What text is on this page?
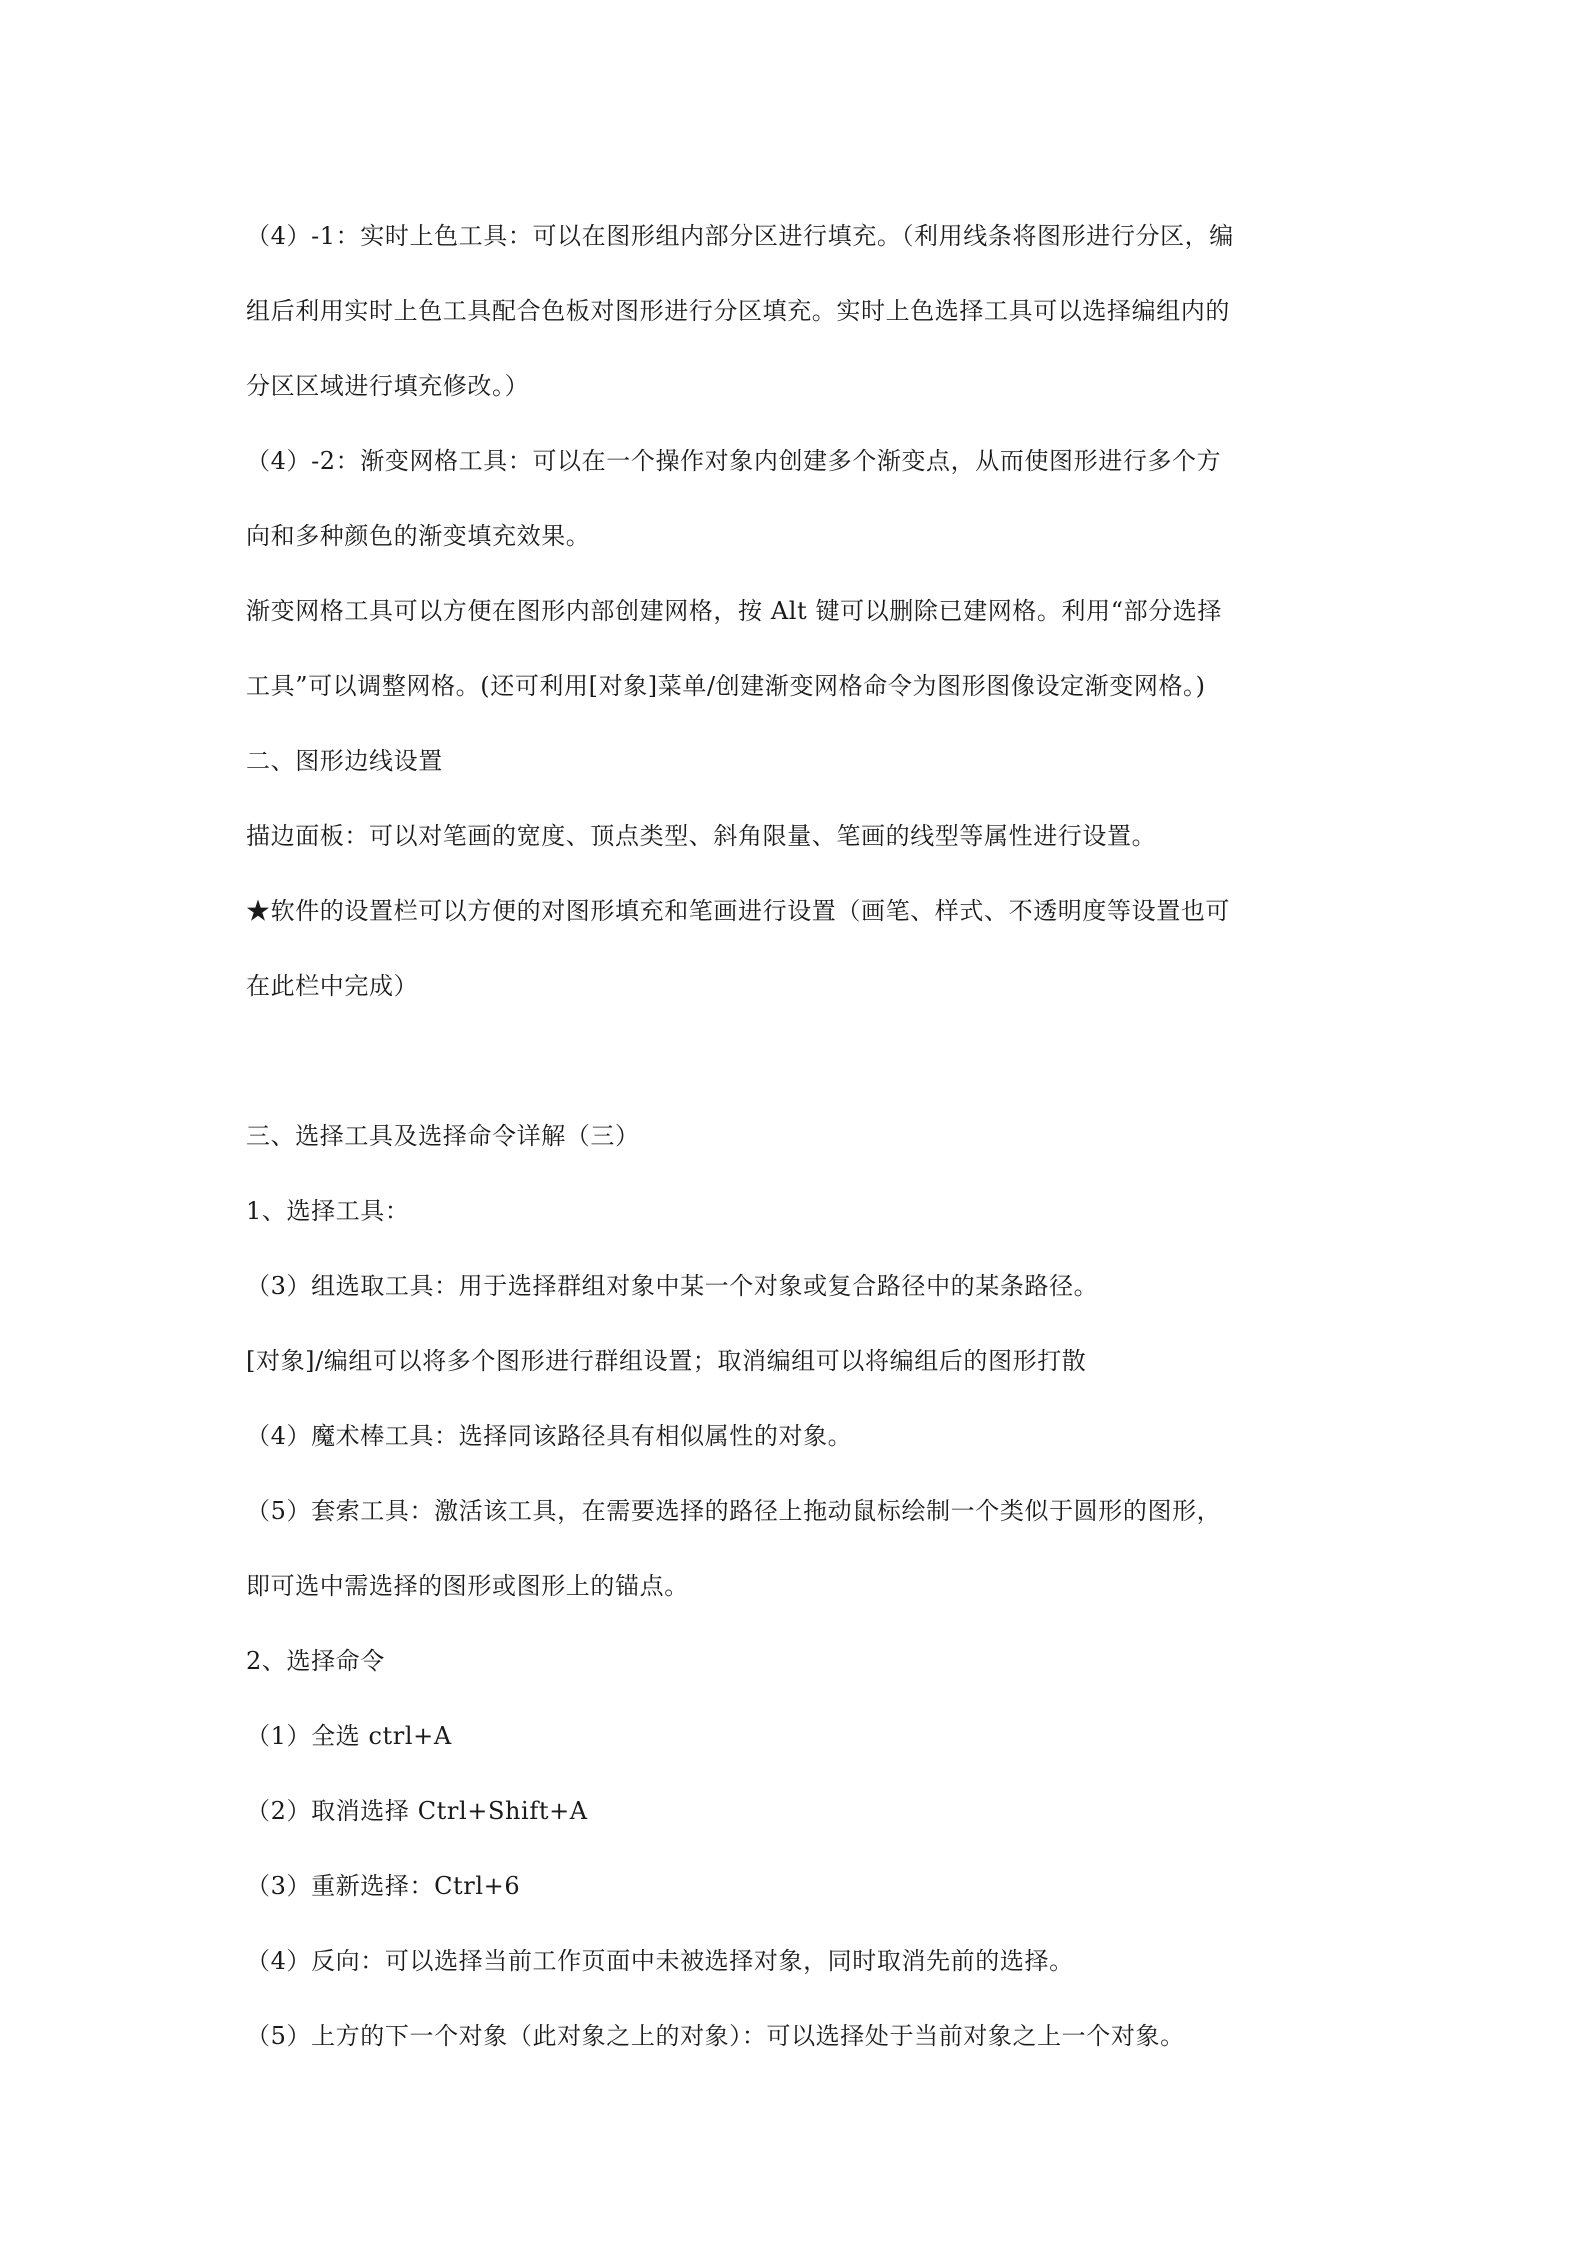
（4）-1：实时上色工具：可以在图形组内部分区进行填充。（利用线条将图形进行分区，编
组后利用实时上色工具配合色板对图形进行分区填充。实时上色选择工具可以选择编组内的
分区区域进行填充修改。）
（4）-2：渐变网格工具：可以在一个操作对象内创建多个渐变点，从而使图形进行多个方
向和多种颜色的渐变填充效果。
渐变网格工具可以方便在图形内部创建网格，按 Alt 键可以删除已建网格。利用“部分选择
工具”可以调整网格。(还可利用[对象]菜单/创建渐变网格命令为图形图像设定渐变网格。)
二、图形边线设置
描边面板：可以对笔画的宽度、顶点类型、斜角限量、笔画的线型等属性进行设置。
★软件的设置栏可以方便的对图形填充和笔画进行设置（画笔、样式、不透明度等设置也可
在此栏中完成）
三、选择工具及选择命令详解（三）
1、选择工具：
（3）组选取工具：用于选择群组对象中某一个对象或复合路径中的某条路径。
[对象]/编组可以将多个图形进行群组设置；取消编组可以将编组后的图形打散
（4）魔术棒工具：选择同该路径具有相似属性的对象。
（5）套索工具：激活该工具，在需要选择的路径上拖动鼠标绘制一个类似于圆形的图形，
即可选中需选择的图形或图形上的锚点。
2、选择命令
（1）全选 ctrl+A
（2）取消选择 Ctrl+Shift+A
（3）重新选择：Ctrl+6
（4）反向：可以选择当前工作页面中未被选择对象，同时取消先前的选择。
（5）上方的下一个对象（此对象之上的对象）：可以选择处于当前对象之上一个对象。
